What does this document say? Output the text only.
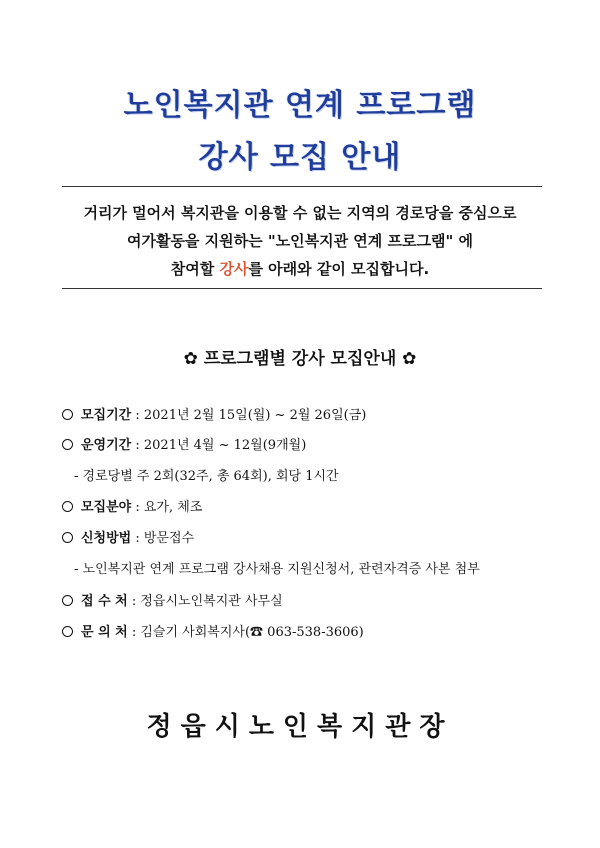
노인복지관 연계 프로그램
강사 모집 안내
거리가 멀어서 복지관을 이용할 수 없는 지역의 경로당을 중심으로
여가활동을 지원하는 "노인복지관 연계 프로그램" 에
참여할 강사를 아래와 같이 모집합니다.
✿ 프로그램별 강사 모집안내 ✿
모집기간 : 2021년 2월 15일(월) ~ 2월 26일(금)
운영기간 : 2021년 4월 ~ 12월(9개월)
- 경로당별 주 2회(32주, 총 64회), 회당 1시간
모집분야 : 요가, 체조
신청방법 : 방문접수
- 노인복지관 연계 프로그램 강사채용 지원신청서, 관련자격증 사본 첨부
접 수 처 : 정읍시노인복지관 사무실
문 의 처 : 김슬기 사회복지사(☎ 063-538-3606)
정읍시노인복지관장
